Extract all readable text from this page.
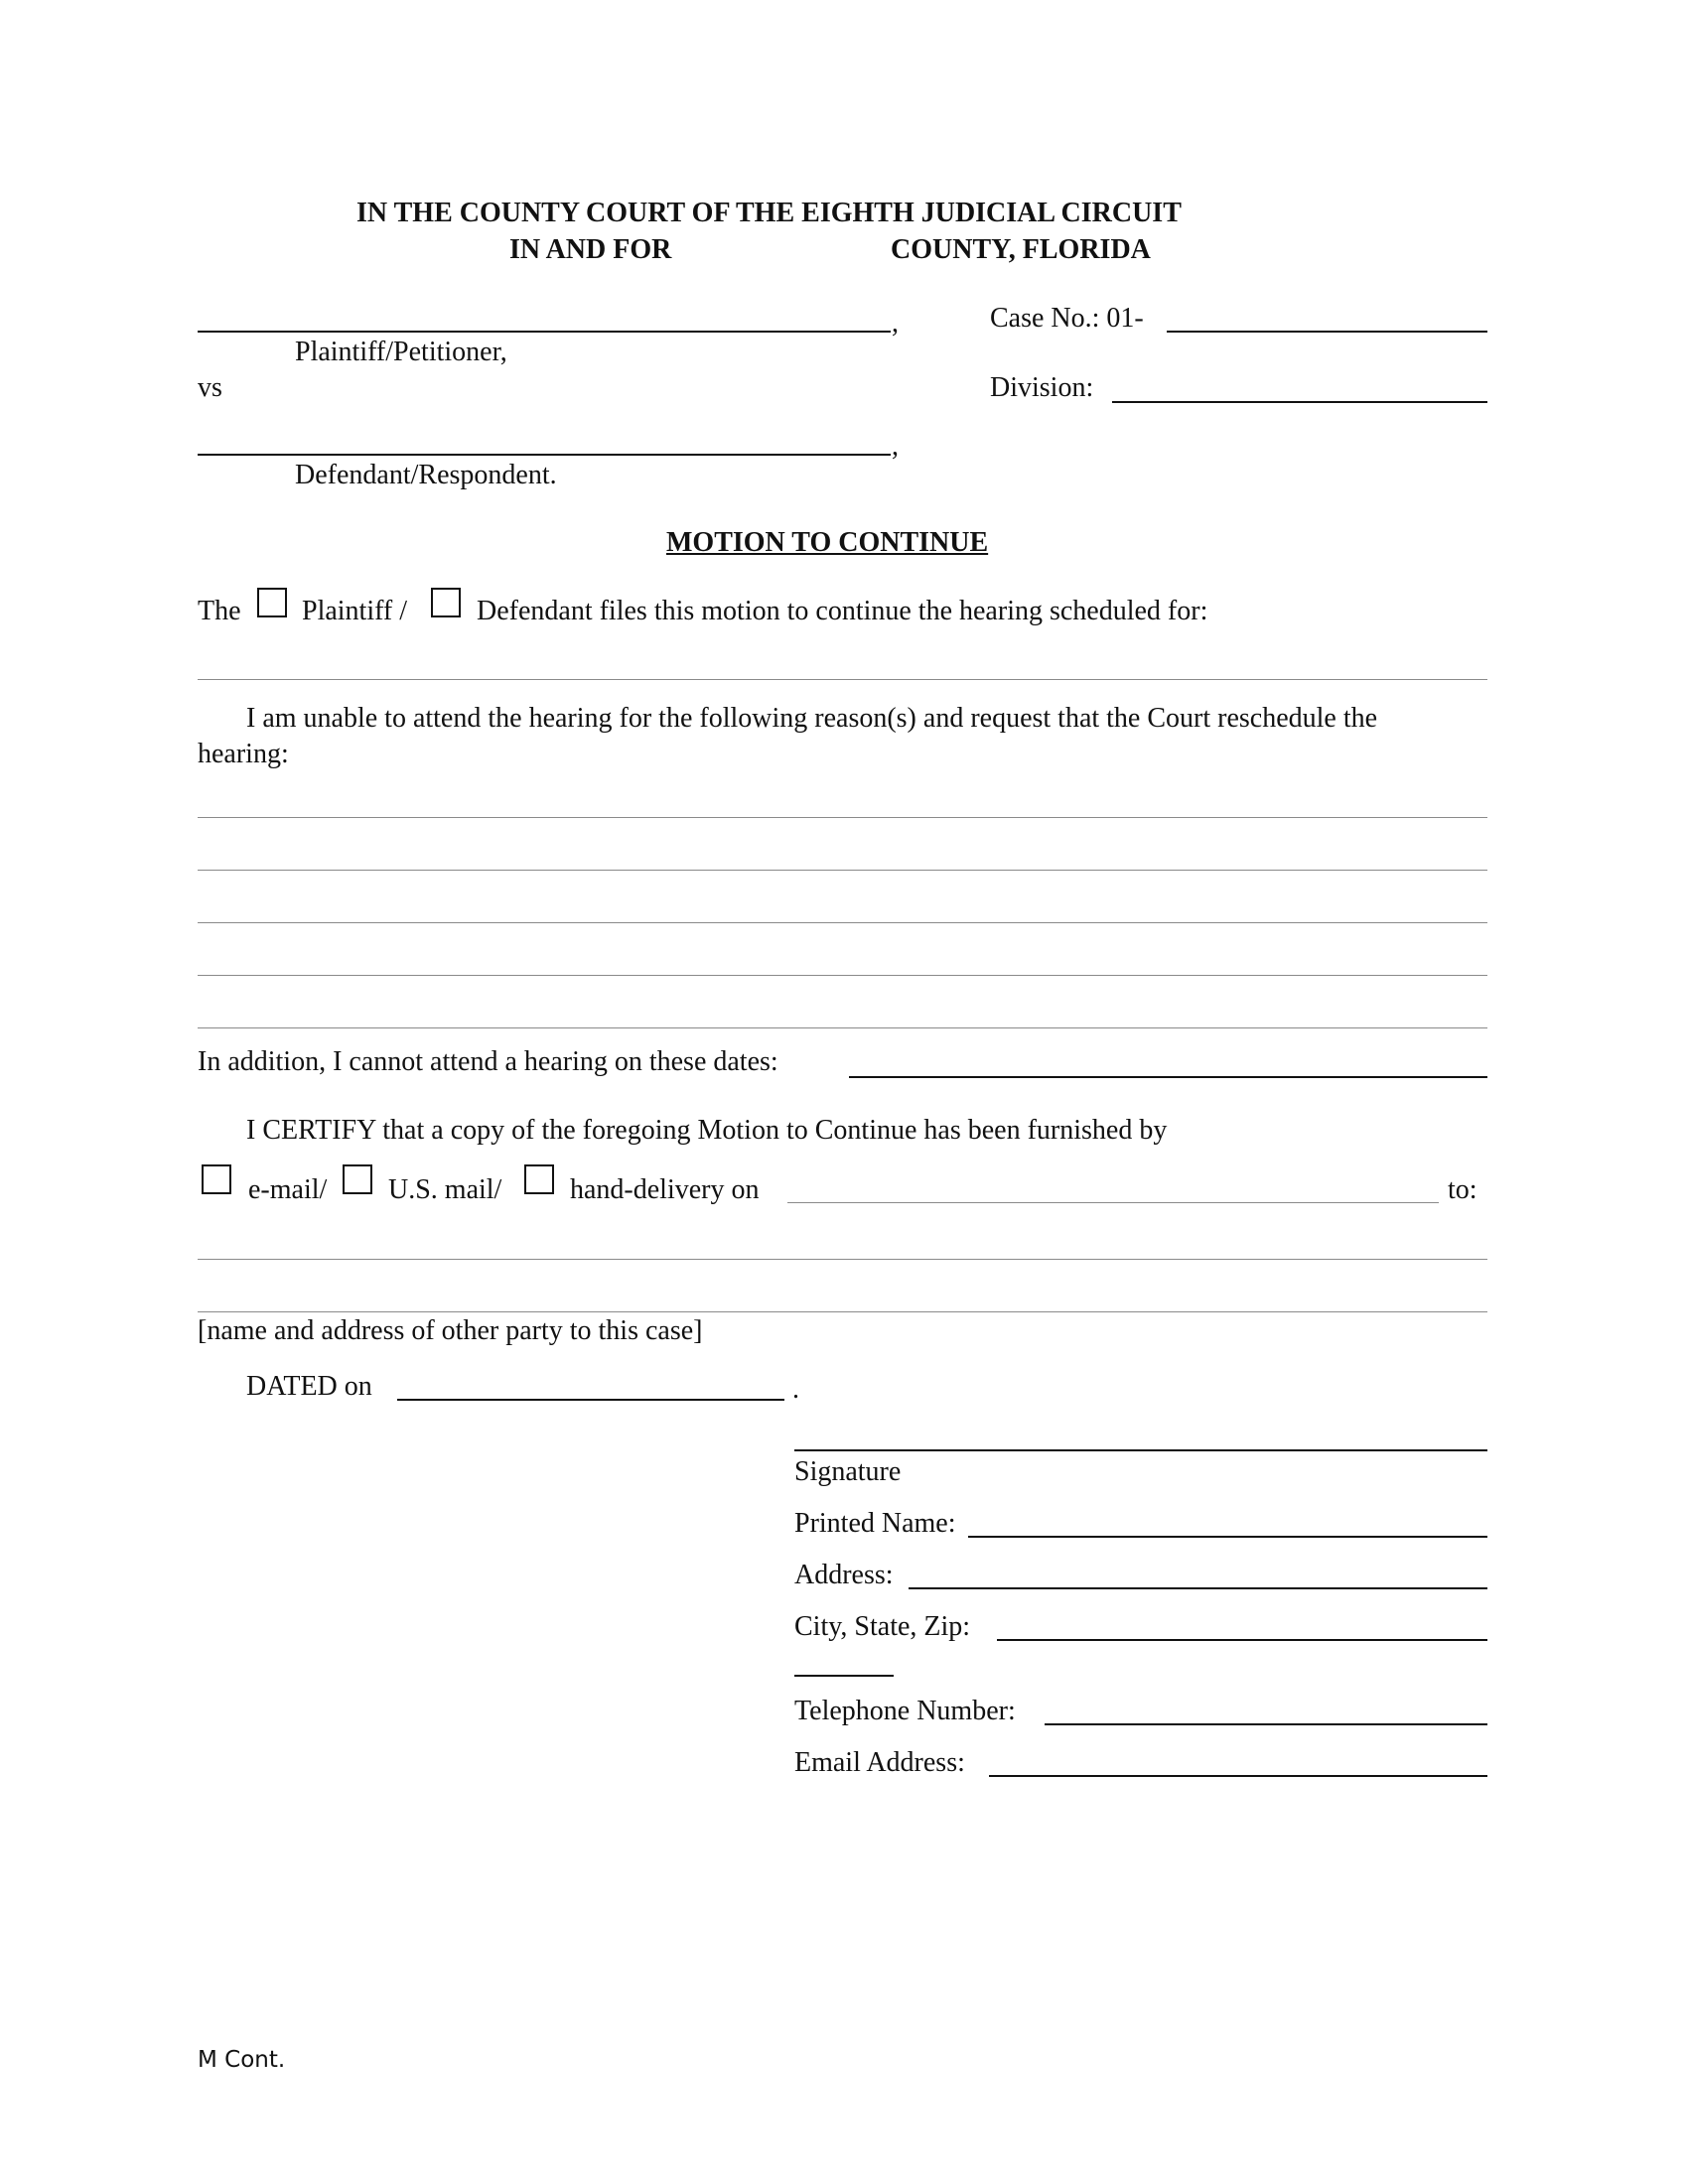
IN THE COUNTY COURT OF THE EIGHTH JUDICIAL CIRCUIT
IN AND FOR	COUNTY, FLORIDA
,
Plaintiff/Petitioner,
vs
,
Defendant/Respondent.
Case No.: 01-
Division:
MOTION TO CONTINUE
The Plaintiff / Defendant files this motion to continue the hearing scheduled for:
I am unable to attend the hearing for the following reason(s) and request that the Court reschedule the
hearing:
In addition, I cannot attend a hearing on these dates:
I CERTIFY that a copy of the foregoing Motion to Continue has been furnished by
e-mail/ U.S. mail/ hand-delivery on	to:
[name and address of other party to this case]
DATED on	.
Signature
Printed Name:
Address:
City, State, Zip:
Telephone Number:
Email Address:
M Cont.
